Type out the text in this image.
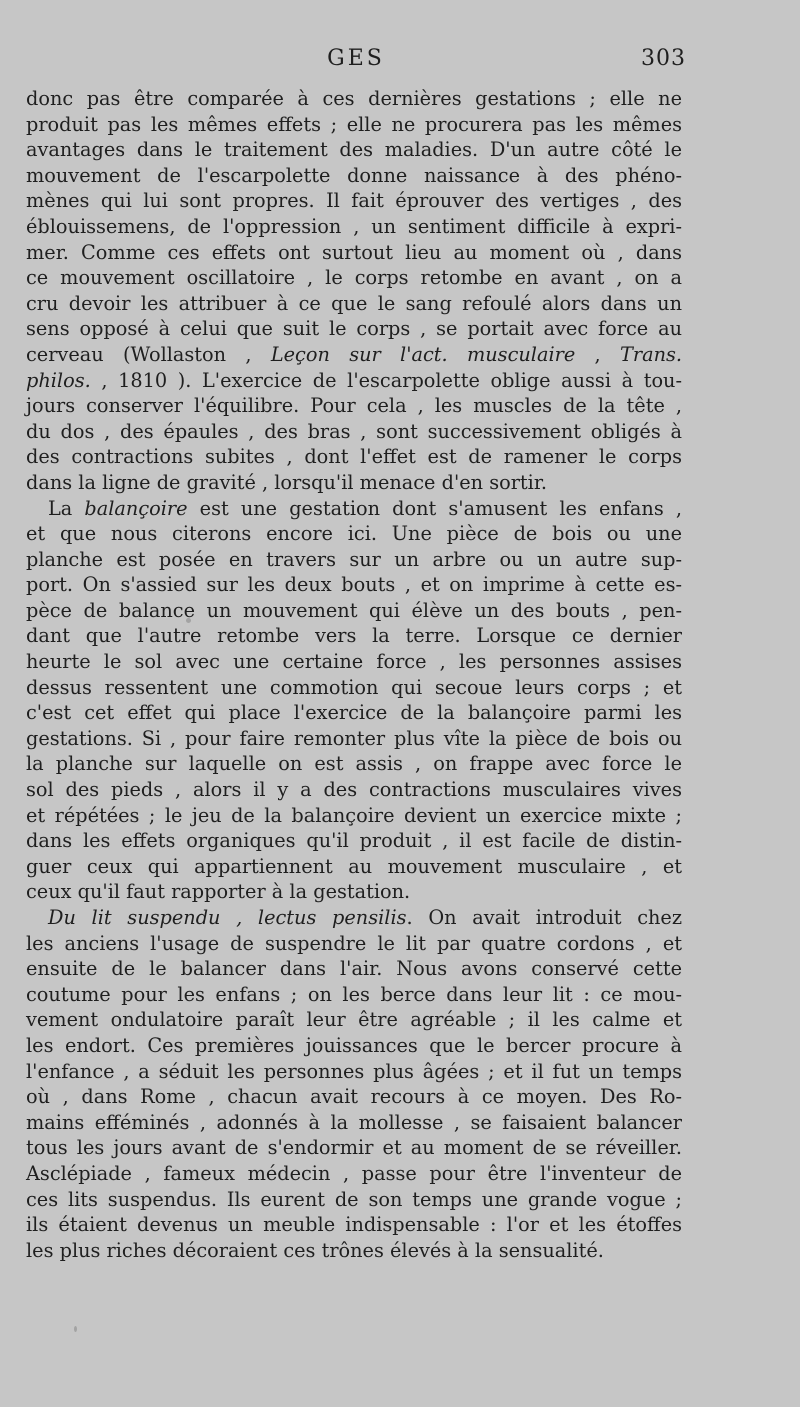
GES	303
donc pas être comparée à ces dernières gestations ; elle ne
produit pas les mêmes effets ; elle ne procurera pas les mêmes
avantages dans le traitement des maladies. D'un autre côté le
mouvement de l'escarpolette donne naissance à des phéno-
mènes qui lui sont propres. Il fait éprouver des vertiges , des
éblouissemens, de l'oppression , un sentiment difficile à expri-
mer. Comme ces effets ont surtout lieu au moment où , dans
ce mouvement oscillatoire , le corps retombe en avant , on a
cru devoir les attribuer à ce que le sang refoulé alors dans un
sens opposé à celui que suit le corps , se portait avec force au
cerveau (Wollaston , Leçon sur l'act. musculaire , Trans.
philos. , 1810 ). L'exercice de l'escarpolette oblige aussi à tou-
jours conserver l'équilibre. Pour cela , les muscles de la tête ,
du dos , des épaules , des bras , sont successivement obligés à
des contractions subites , dont l'effet est de ramener le corps
dans la ligne de gravité , lorsqu'il menace d'en sortir.
La balançoire est une gestation dont s'amusent les enfans ,
et que nous citerons encore ici. Une pièce de bois ou une
planche est posée en travers sur un arbre ou un autre sup-
port. On s'assied sur les deux bouts , et on imprime à cette es-
pèce de balance un mouvement qui élève un des bouts , pen-
dant que l'autre retombe vers la terre. Lorsque ce dernier
heurte le sol avec une certaine force , les personnes assises
dessus ressentent une commotion qui secoue leurs corps ; et
c'est cet effet qui place l'exercice de la balançoire parmi les
gestations. Si , pour faire remonter plus vîte la pièce de bois ou
la planche sur laquelle on est assis , on frappe avec force le
sol des pieds , alors il y a des contractions musculaires vives
et répétées ; le jeu de la balançoire devient un exercice mixte ;
dans les effets organiques qu'il produit , il est facile de distin-
guer ceux qui appartiennent au mouvement musculaire , et
ceux qu'il faut rapporter à la gestation.
Du lit suspendu , lectus pensilis. On avait introduit chez
les anciens l'usage de suspendre le lit par quatre cordons , et
ensuite de le balancer dans l'air. Nous avons conservé cette
coutume pour les enfans ; on les berce dans leur lit : ce mou-
vement ondulatoire paraît leur être agréable ; il les calme et
les endort. Ces premières jouissances que le bercer procure à
l'enfance , a séduit les personnes plus âgées ; et il fut un temps
où , dans Rome , chacun avait recours à ce moyen. Des Ro-
mains efféminés , adonnés à la mollesse , se faisaient balancer
tous les jours avant de s'endormir et au moment de se réveiller.
Asclépiade , fameux médecin , passe pour être l'inventeur de
ces lits suspendus. Ils eurent de son temps une grande vogue ;
ils étaient devenus un meuble indispensable : l'or et les étoffes
les plus riches décoraient ces trônes élevés à la sensualité.
